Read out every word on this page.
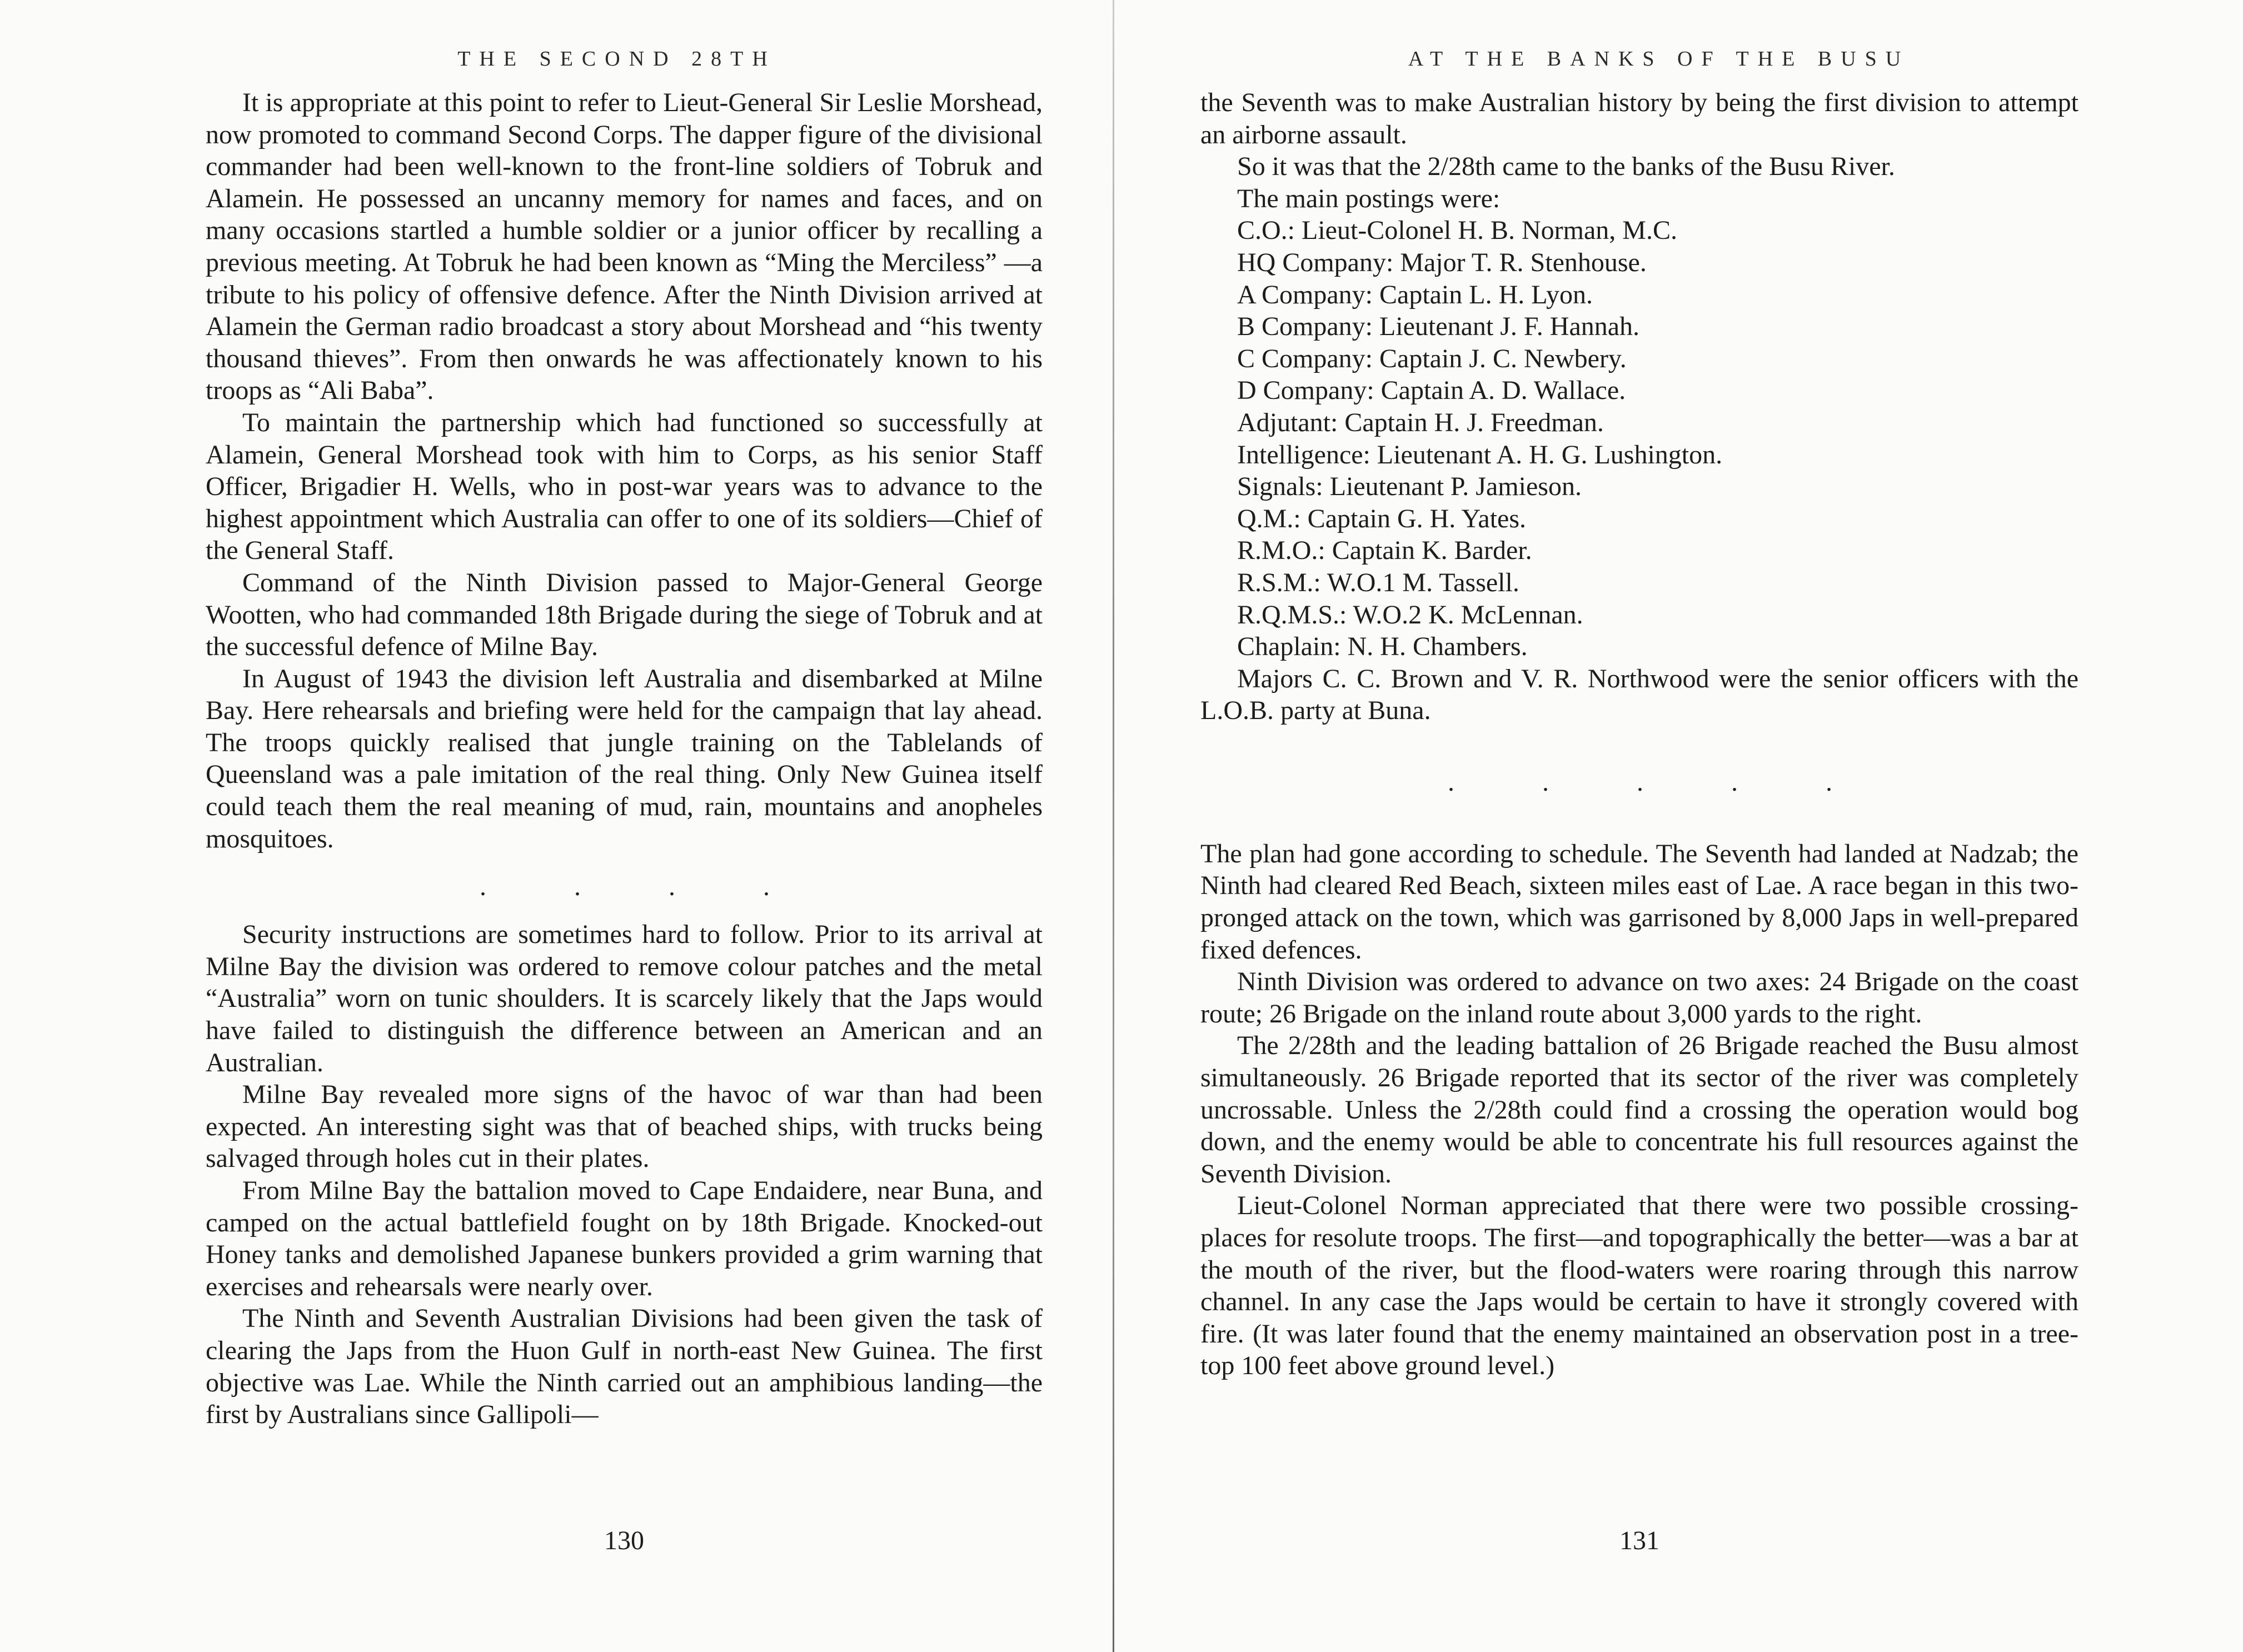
THE SECOND 28TH

It is appropriate at this point to refer to Lieut-General Sir Leslie Morshead, now promoted to command Second Corps. The dapper figure of the divisional commander had been well-known to the front-line soldiers of Tobruk and Alamein. He possessed an uncanny memory for names and faces, and on many occasions startled a humble soldier or a junior officer by recalling a previous meeting. At Tobruk he had been known as “Ming the Merciless” —a tribute to his policy of offensive defence. After the Ninth Division arrived at Alamein the German radio broadcast a story about Morshead and “his twenty thousand thieves”. From then onwards he was affectionately known to his troops as “Ali Baba”.

To maintain the partnership which had functioned so successfully at Alamein, General Morshead took with him to Corps, as his senior Staff Officer, Brigadier H. Wells, who in post-war years was to advance to the highest appointment which Australia can offer to one of its soldiers—Chief of the General Staff.

Command of the Ninth Division passed to Major-General George Wootten, who had commanded 18th Brigade during the siege of Tobruk and at the successful defence of Milne Bay.

In August of 1943 the division left Australia and disembarked at Milne Bay. Here rehearsals and briefing were held for the campaign that lay ahead. The troops quickly realised that jungle training on the Tablelands of Queensland was a pale imitation of the real thing. Only New Guinea itself could teach them the real meaning of mud, rain, mountains and anopheles mosquitoes.

.	.	.	.

Security instructions are sometimes hard to follow. Prior to its arrival at Milne Bay the division was ordered to remove colour patches and the metal “Australia” worn on tunic shoulders. It is scarcely likely that the Japs would have failed to distinguish the difference between an American and an Australian.

Milne Bay revealed more signs of the havoc of war than had been expected. An interesting sight was that of beached ships, with trucks being salvaged through holes cut in their plates.

From Milne Bay the battalion moved to Cape Endaidere, near Buna, and camped on the actual battlefield fought on by 18th Brigade. Knocked-out Honey tanks and demolished Japanese bunkers provided a grim warning that exercises and rehearsals were nearly over.

The Ninth and Seventh Australian Divisions had been given the task of clearing the Japs from the Huon Gulf in north-east New Guinea. The first objective was Lae. While the Ninth carried out an amphibious landing—the first by Australians since Gallipoli—

130
AT THE BANKS OF THE BUSU

the Seventh was to make Australian history by being the first division to attempt an airborne assault.

So it was that the 2/28th came to the banks of the Busu River.

The main postings were:

C.O.: Lieut-Colonel H. B. Norman, M.C.

HQ Company: Major T. R. Stenhouse.

A Company: Captain L. H. Lyon.

B Company: Lieutenant J. F. Hannah.

C Company: Captain J. C. Newbery.

D Company: Captain A. D. Wallace.

Adjutant: Captain H. J. Freedman.

Intelligence: Lieutenant A. H. G. Lushington.

Signals: Lieutenant P. Jamieson.

Q.M.: Captain G. H. Yates.

R.M.O.: Captain K. Barder.

R.S.M.: W.O.1 M. Tassell.

R.Q.M.S.: W.O.2 K. McLennan.

Chaplain: N. H. Chambers.

Majors C. C. Brown and V. R. Northwood were the senior officers with the L.O.B. party at Buna.

.	.	.	.	.

The plan had gone according to schedule. The Seventh had landed at Nadzab; the Ninth had cleared Red Beach, sixteen miles east of Lae. A race began in this two-pronged attack on the town, which was garrisoned by 8,000 Japs in well-prepared fixed defences.

Ninth Division was ordered to advance on two axes: 24 Brigade on the coast route; 26 Brigade on the inland route about 3,000 yards to the right.

The 2/28th and the leading battalion of 26 Brigade reached the Busu almost simultaneously. 26 Brigade reported that its sector of the river was completely uncrossable. Unless the 2/28th could find a crossing the operation would bog down, and the enemy would be able to concentrate his full resources against the Seventh Division.

Lieut-Colonel Norman appreciated that there were two possible crossing-places for resolute troops. The first—and topographically the better—was a bar at the mouth of the river, but the flood-waters were roaring through this narrow channel. In any case the Japs would be certain to have it strongly covered with fire. (It was later found that the enemy maintained an observation post in a tree-top 100 feet above ground level.)

131
